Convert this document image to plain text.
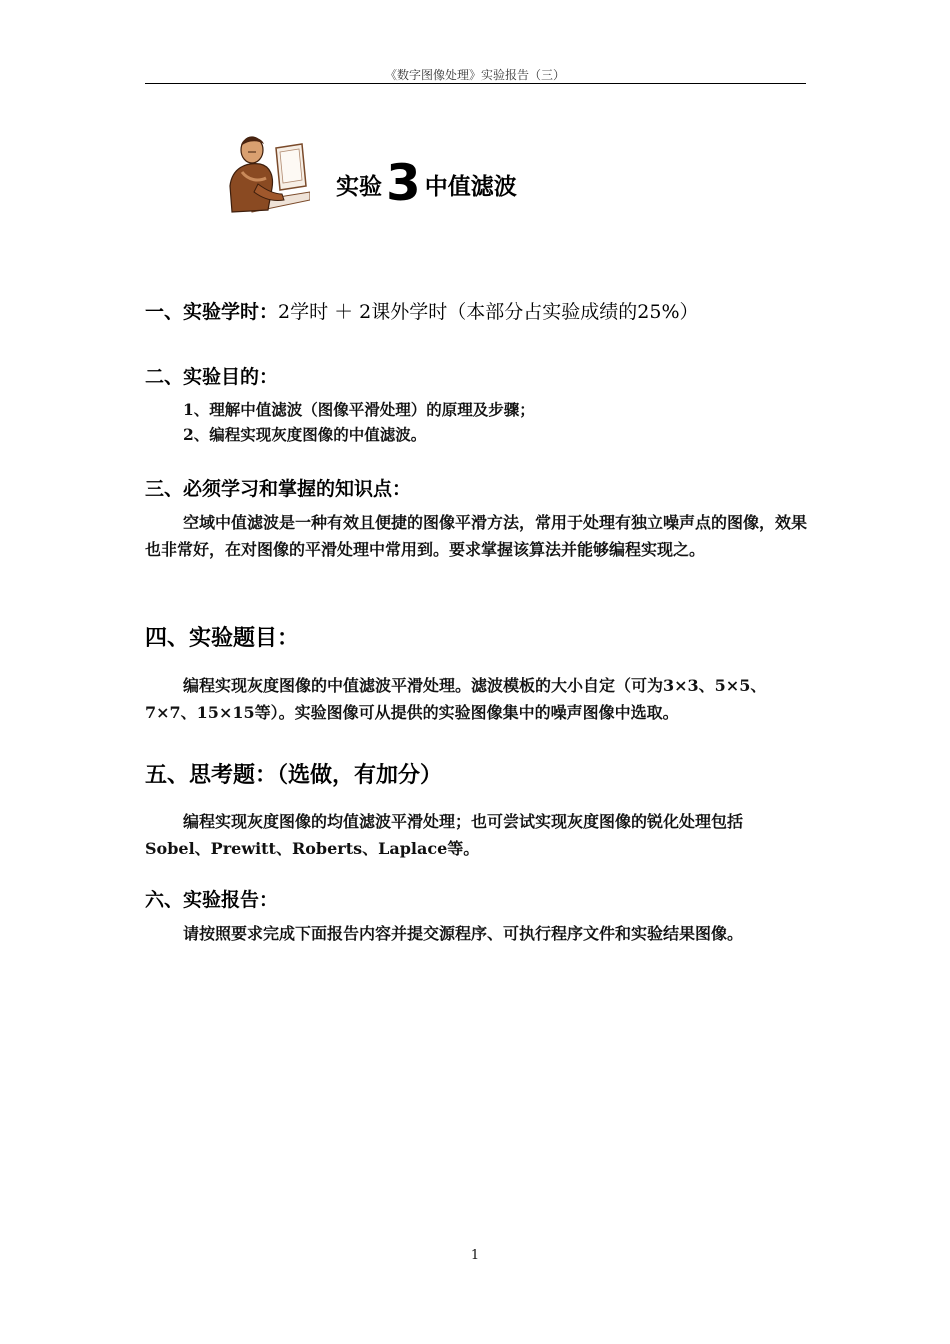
《数字图像处理》实验报告（三）
实验3 中值滤波
一、实验学时：2学时 ＋ 2课外学时（本部分占实验成绩的25%）
二、实验目的：
1、理解中值滤波（图像平滑处理）的原理及步骤；
2、编程实现灰度图像的中值滤波。
三、必须学习和掌握的知识点：
空域中值滤波是一种有效且便捷的图像平滑方法，常用于处理有独立噪声点的图像，效果也非常好，在对图像的平滑处理中常用到。要求掌握该算法并能够编程实现之。
四、实验题目：
编程实现灰度图像的中值滤波平滑处理。滤波模板的大小自定（可为3×3、5×5、7×7、15×15等）。实验图像可从提供的实验图像集中的噪声图像中选取。
五、思考题：（选做，有加分）
编程实现灰度图像的均值滤波平滑处理；也可尝试实现灰度图像的锐化处理包括Sobel、Prewitt、Roberts、Laplace等。
六、实验报告：
请按照要求完成下面报告内容并提交源程序、可执行程序文件和实验结果图像。
1
